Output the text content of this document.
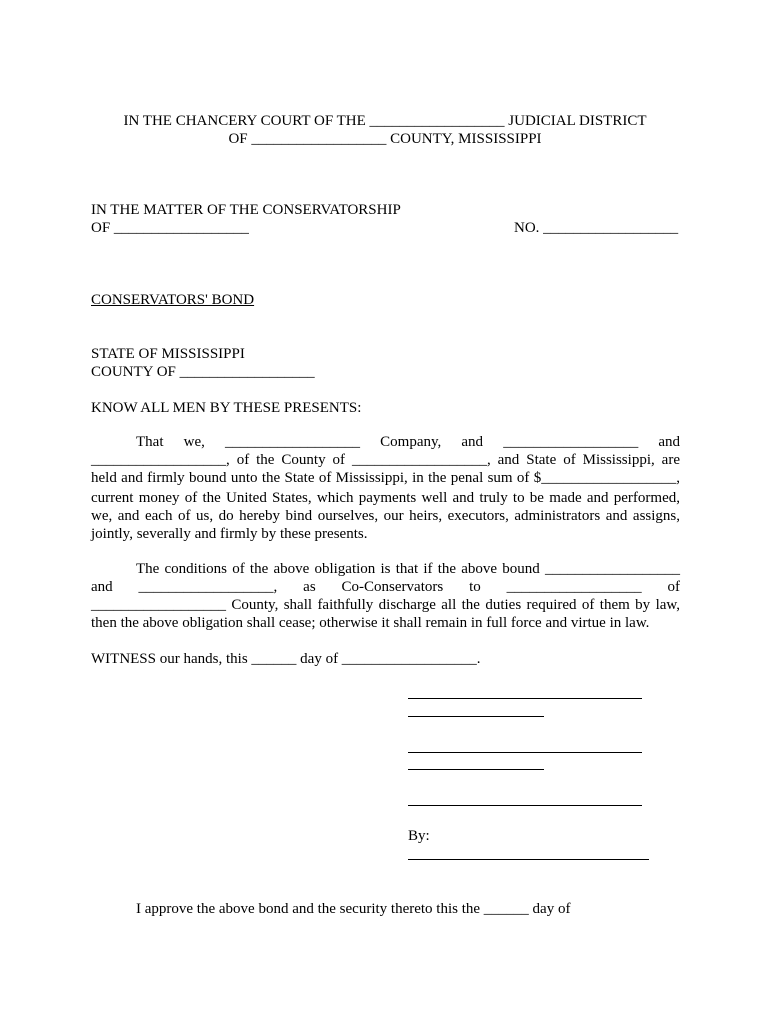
IN THE CHANCERY COURT OF THE __________________ JUDICIAL DISTRICT
OF __________________ COUNTY, MISSISSIPPI
IN THE MATTER OF THE CONSERVATORSHIP
OF __________________	NO. __________________
CONSERVATORS' BOND
STATE OF MISSISSIPPI
COUNTY OF __________________
KNOW ALL MEN BY THESE PRESENTS:
That we, __________________ Company, and __________________ and
__________________, of the County of __________________, and State of Mississippi, are
held and firmly bound unto the State of Mississippi, in the penal sum of $__________________,
current money of the United States, which payments well and truly to be made and performed,
we, and each of us, do hereby bind ourselves, our heirs, executors, administrators and assigns,
jointly, severally and firmly by these presents.
The conditions of the above obligation is that if the above bound __________________
and __________________, as Co-Conservators to __________________ of
__________________ County, shall faithfully discharge all the duties required of them by law,
then the above obligation shall cease; otherwise it shall remain in full force and virtue in law.
WITNESS our hands, this ______ day of __________________.
By:
I approve the above bond and the security thereto this the ______ day of
